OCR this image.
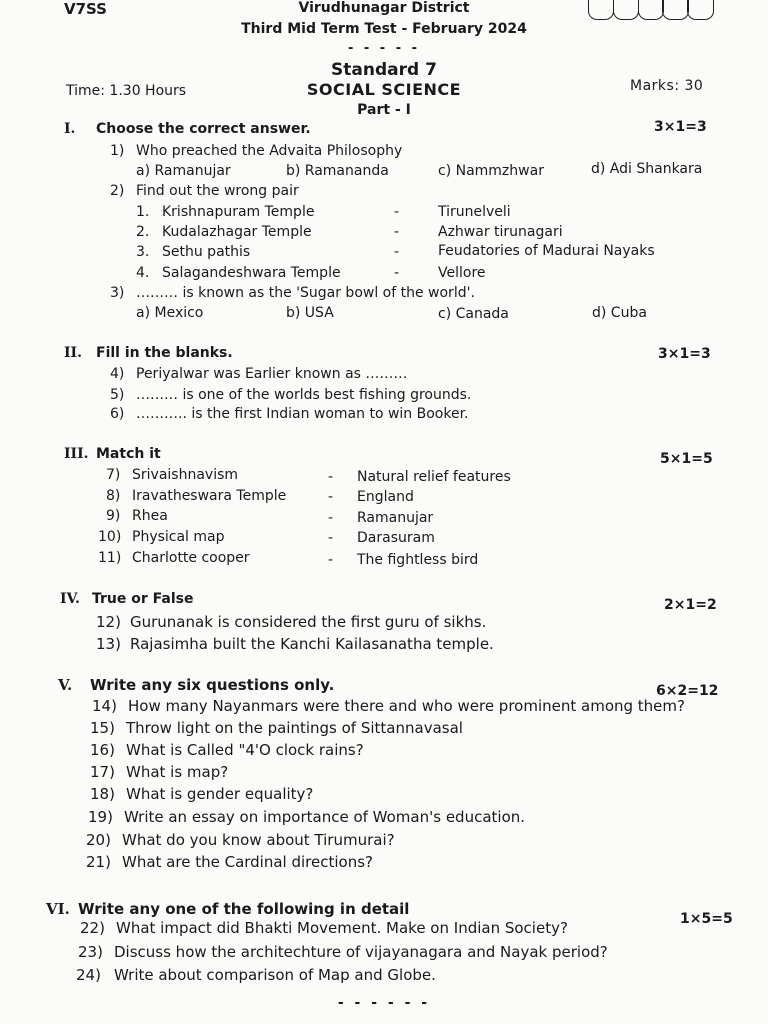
V7SS	Virudhunagar District
Third Mid Term Test - February 2024
- - - - -
Standard 7
SOCIAL SCIENCE
Part - I
Time: 1.30 Hours	Marks: 30
I. Choose the correct answer.	3×1=3
1) Who preached the Advaita Philosophy
a) Ramanujar	b) Ramananda	c) Nammzhwar	d) Adi Shankara
2) Find out the wrong pair
1. Krishnapuram Temple	-	Tirunelveli
2. Kudalazhagar Temple	-	Azhwar tirunagari
3. Sethu pathis	-	Feudatories of Madurai Nayaks
4. Salagandeshwara Temple	-	Vellore
3) ……… is known as the 'Sugar bowl of the world'.
a) Mexico	b) USA	c) Canada	d) Cuba
II. Fill in the blanks.	3×1=3
4) Periyalwar was Earlier known as ………
5) ……… is one of the worlds best fishing grounds.
6) ……….. is the first Indian woman to win Booker.
III. Match it	5×1=5
7) Srivaishnavism	- Natural relief features
8) Iravatheswara Temple	- England
9) Rhea	- Ramanujar
10) Physical map	- Darasuram
11) Charlotte cooper	- The fightless bird
IV. True or False	2×1=2
12) Gurunanak is considered the first guru of sikhs.
13) Rajasimha built the Kanchi Kailasanatha temple.
V. Write any six questions only.	6×2=12
14) How many Nayanmars were there and who were prominent among them?
15) Throw light on the paintings of Sittannavasal
16) What is Called "4'O clock rains?
17) What is map?
18) What is gender equality?
19) Write an essay on importance of Woman's education.
20) What do you know about Tirumurai?
21) What are the Cardinal directions?
VI. Write any one of the following in detail
1×5=5
22) What impact did Bhakti Movement. Make on Indian Society?
23) Discuss how the architechture of vijayanagara and Nayak period?
24) Write about comparison of Map and Globe.
- - - - - -
